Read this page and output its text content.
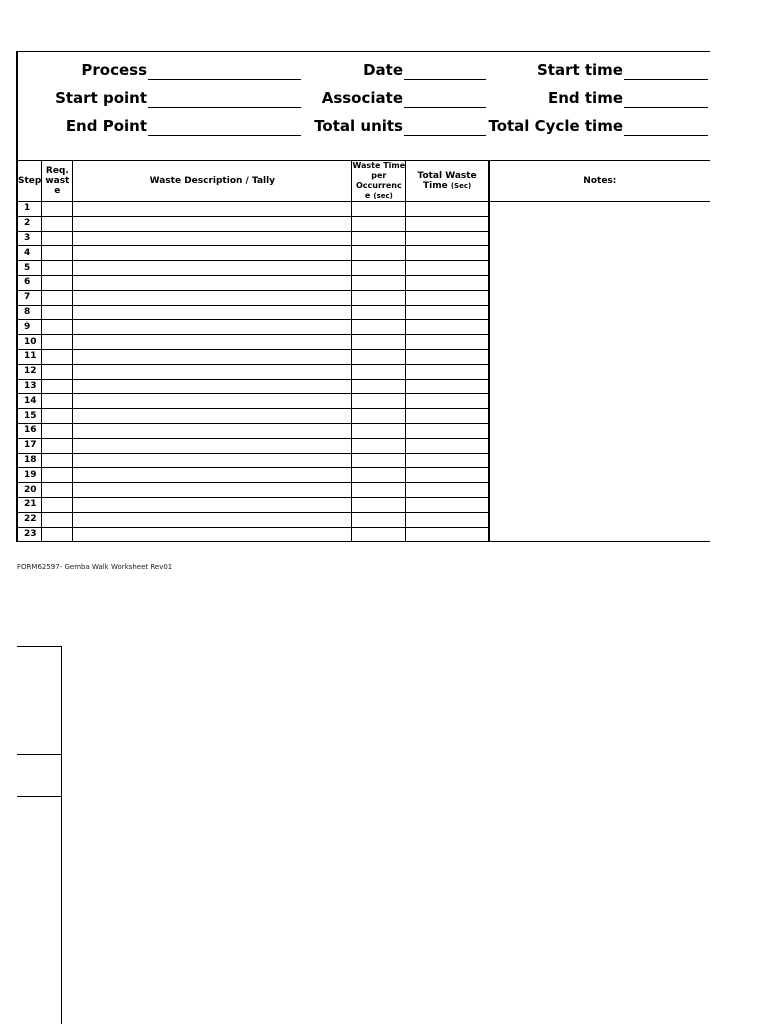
Process	Date	Start time
Start point	Associate	End time
End Point	Total units	Total Cycle time
Step	Req. wast e	Waste Description / Tally	Waste Time per Occurrenc e (sec)	Total Waste Time (Sec)	Notes:
1					
2					
3					
4					
5					
6					
7					
8					
9					
10					
11					
12					
13					
14					
15					
16					
17					
18					
19					
20					
21					
22					
23					
FORM62597- Gemba Walk Worksheet Rev01
